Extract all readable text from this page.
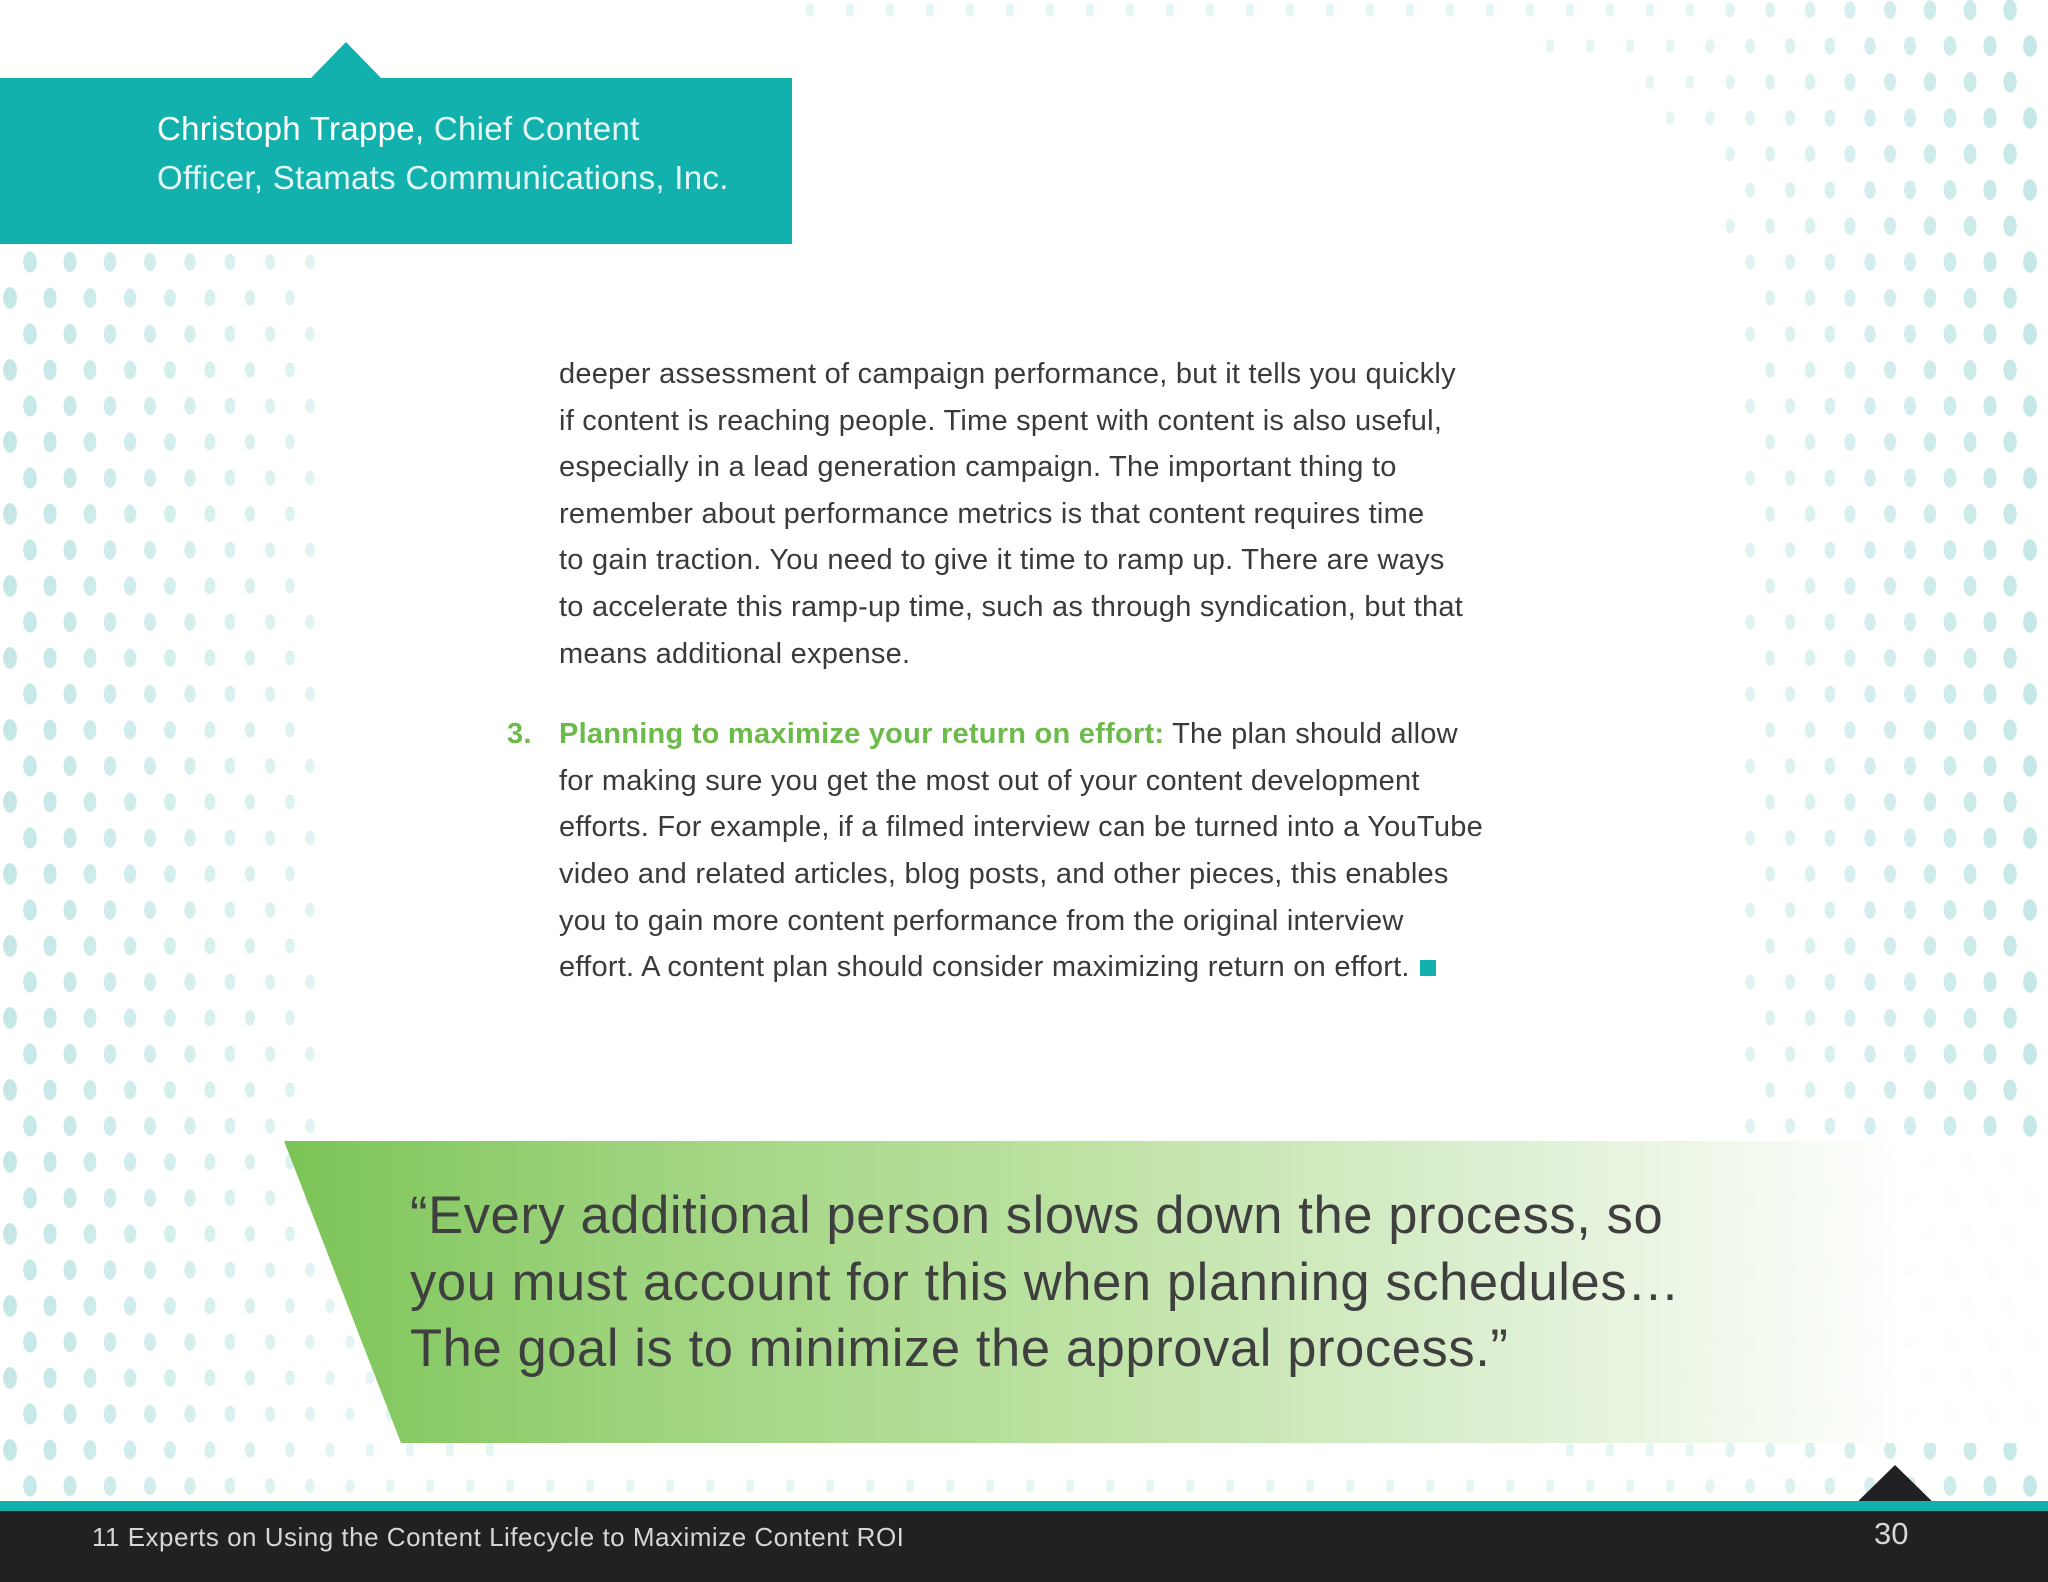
Christoph Trappe, Chief Content
Officer, Stamats Communications, Inc.

deeper assessment of campaign performance, but it tells you quickly
if content is reaching people. Time spent with content is also useful,
especially in a lead generation campaign. The important thing to
remember about performance metrics is that content requires time
to gain traction. You need to give it time to ramp up. There are ways
to accelerate this ramp-up time, such as through syndication, but that
means additional expense.

3. Planning to maximize your return on effort: The plan should allow
for making sure you get the most out of your content development
efforts. For example, if a filmed interview can be turned into a YouTube
video and related articles, blog posts, and other pieces, this enables
you to gain more content performance from the original interview
effort. A content plan should consider maximizing return on effort.

“Every additional person slows down the process, so
you must account for this when planning schedules…
The goal is to minimize the approval process.”
11 Experts on Using the Content Lifecycle to Maximize Content ROI	30
